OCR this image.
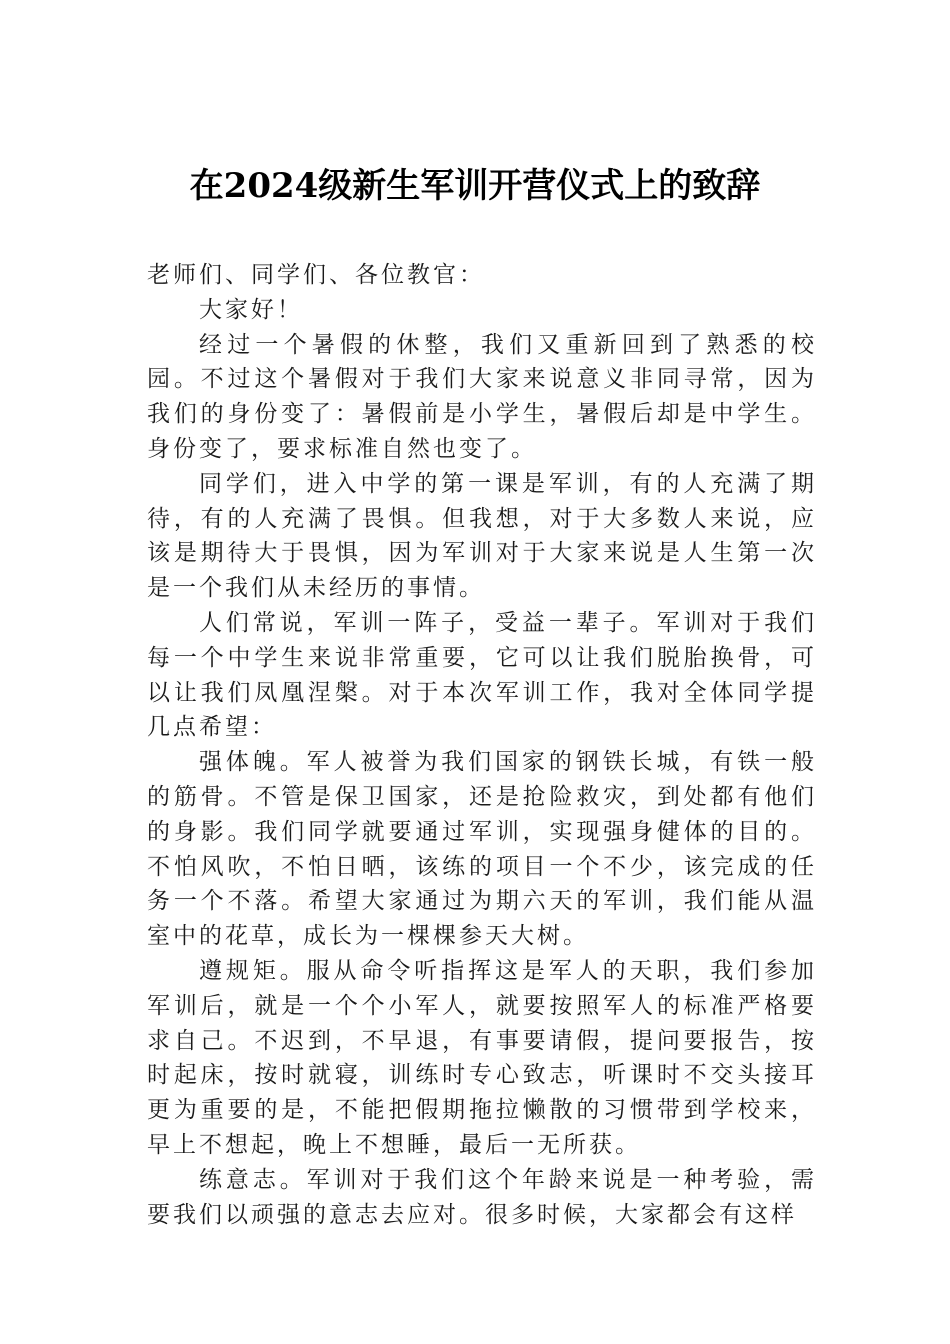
在2024级新生军训开营仪式上的致辞

老师们、同学们、各位教官：

大家好！

经过一个暑假的休整，我们又重新回到了熟悉的校园。不过这个暑假对于我们大家来说意义非同寻常，因为我们的身份变了：暑假前是小学生，暑假后却是中学生。身份变了，要求标准自然也变了。

同学们，进入中学的第一课是军训，有的人充满了期待，有的人充满了畏惧。但我想，对于大多数人来说，应该是期待大于畏惧，因为军训对于大家来说是人生第一次是一个我们从未经历的事情。

人们常说，军训一阵子，受益一辈子。军训对于我们每一个中学生来说非常重要，它可以让我们脱胎换骨，可以让我们凤凰涅槃。对于本次军训工作，我对全体同学提几点希望：

强体魄。军人被誉为我们国家的钢铁长城，有铁一般的筋骨。不管是保卫国家，还是抢险救灾，到处都有他们的身影。我们同学就要通过军训，实现强身健体的目的。不怕风吹，不怕日晒，该练的项目一个不少，该完成的任务一个不落。希望大家通过为期六天的军训，我们能从温室中的花草，成长为一棵棵参天大树。

遵规矩。服从命令听指挥这是军人的天职，我们参加军训后，就是一个个小军人，就要按照军人的标准严格要求自己。不迟到，不早退，有事要请假，提问要报告，按时起床，按时就寝，训练时专心致志，听课时不交头接耳更为重要的是，不能把假期拖拉懒散的习惯带到学校来，早上不想起，晚上不想睡，最后一无所获。

练意志。军训对于我们这个年龄来说是一种考验，需要我们以顽强的意志去应对。很多时候，大家都会有这样
